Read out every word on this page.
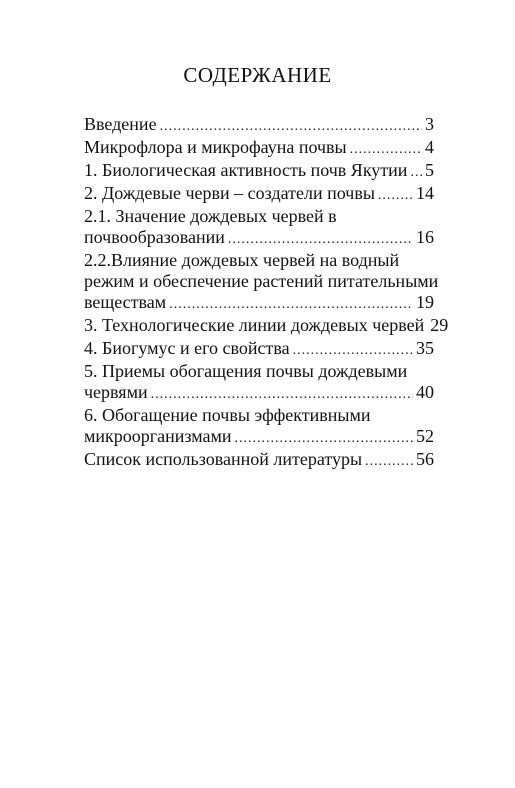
СОДЕРЖАНИЕ
Введение .....	3
Микрофлора и микрофауна почвы .....	4
1. Биологическая активность почв Якутии ..... 5
2. Дождевые черви – создатели почвы ..... 14
2.1. Значение дождевых червей в
почвообразовании .....	16
2.2.Влияние дождевых червей на водный
режим и обеспечение растений питательными
веществам .....	19
3. Технологические линии дождевых червей 29
4. Биогумус и его свойства .....	35
5. Приемы обогащения почвы дождевыми
червями .....	40
6. Обогащение почвы эффективными
микроорганизмами .....	52
Список использованной литературы .....	56
